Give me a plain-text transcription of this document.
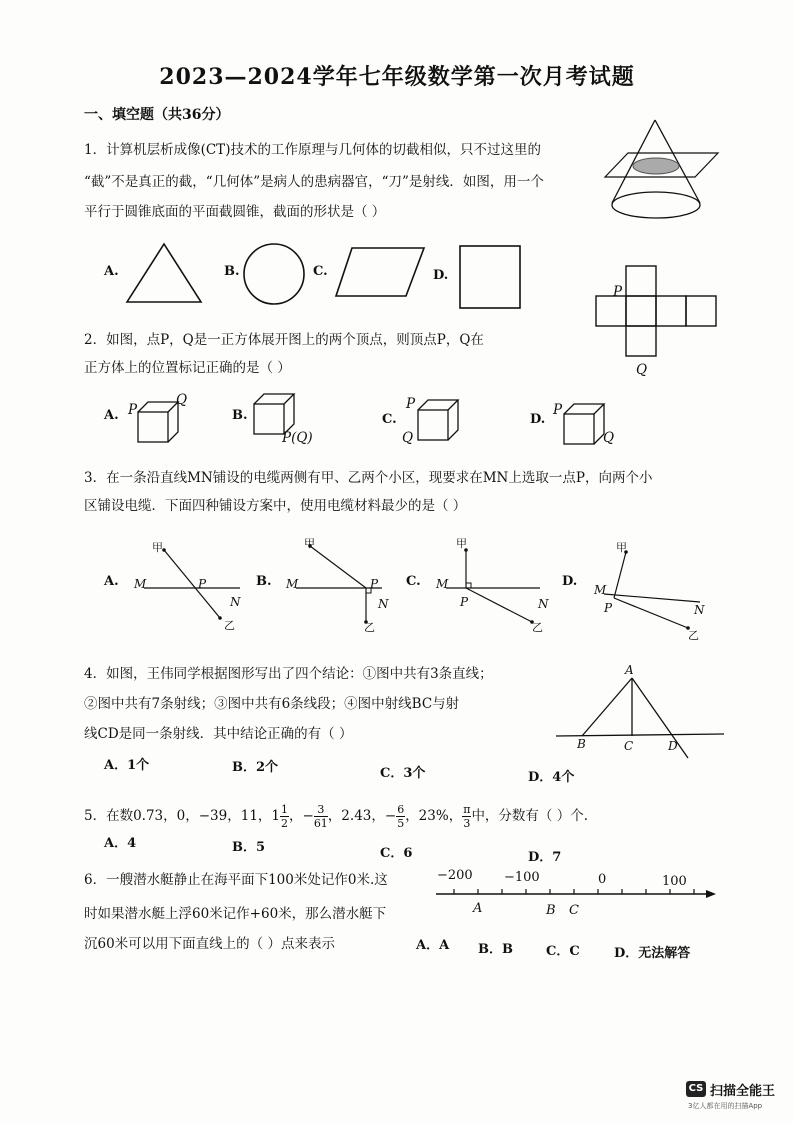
2023—2024学年七年级数学第一次月考试题
一、填空题（共36分）
1．计算机层析成像(CT)技术的工作原理与几何体的切截相似，只不过这里的
“截”不是真正的截，“几何体”是病人的患病器官，“刀”是射线．如图，用一个
平行于圆锥底面的平面截圆锥，截面的形状是（ ）
A.	B.	C.	D.
P
Q
2．如图，点P，Q是一正方体展开图上的两个顶点，则顶点P，Q在
正方体上的位置标记正确的是（ ）
A. P
Q
B.
P(Q)
C.
P
Q
D.
P
Q
3．在一条沿直线MN铺设的电缆两侧有甲、乙两个小区，现要求在MN上选取一点P，向两个小
区铺设电缆．下面四种铺设方案中，使用电缆材料最少的是（ ）
A.
甲
M	P
N
乙
B.
甲
M	P
N
乙
C.
甲
M
P	N
乙
D.
甲
M
P	N
乙
4．如图，王伟同学根据图形写出了四个结论：①图中共有3条直线；
②图中共有7条射线；③图中共有6条线段；④图中射线BC与射
线CD是同一条射线．其中结论正确的有（ ）
A
B	C	D
A．1个	B．2个	C．3个	D．4个
5．在数0.73，0，−39，11，$1 \frac{1}{2}$ ，− $\frac{3}{61}$ ，2.43，− $\frac{6}{5}$ ，23%， $\frac{\pi}{3}$ 中，分数有（ ）个.
A．4	B．5	C．6	D．7
6．一艘潜水艇静止在海平面下100米处记作0米.这
时如果潜水艇上浮60米记作+60米，那么潜水艇下
沉60米可以用下面直线上的（ ）点来表示
−200 −100	0	100
A	B C
A．A B．B	C．C	D．无法解答
CS 扫描全能王
3亿人都在用的扫描App
